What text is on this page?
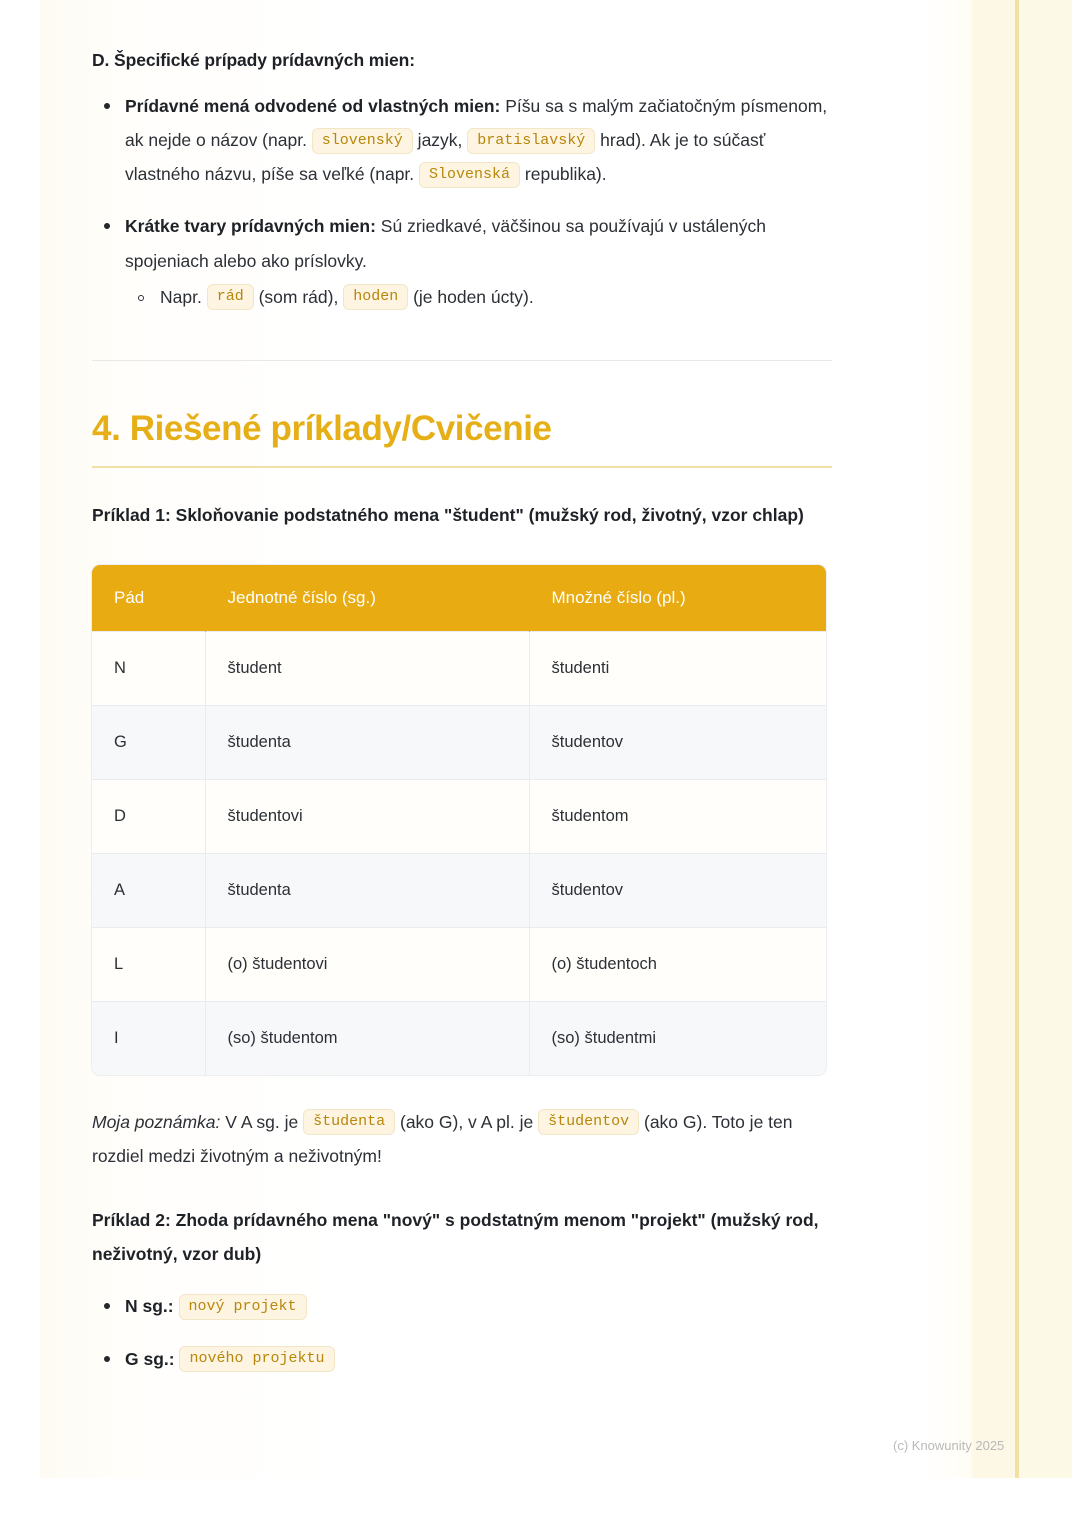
D. Špecifické prípady prídavných mien:
Prídavné mená odvodené od vlastných mien: Píšu sa s malým začiatočným písmenom, ak nejde o názov (napr. slovenský jazyk, bratislavský hrad). Ak je to súčasť vlastného názvu, píše sa veľké (napr. Slovenská republika).
Krátke tvary prídavných mien: Sú zriedkavé, väčšinou sa používajú v ustálených spojeniach alebo ako príslovky.
Napr. rád (som rád), hoden (je hoden úcty).
4. Riešené príklady/Cvičenie

Príklad 1: Skloňovanie podstatného mena "študent" (mužský rod, životný, vzor chlap)

Pád	Jednotné číslo (sg.)	Množné číslo (pl.)
N	študent	študenti
G	študenta	študentov
D	študentovi	študentom
A	študenta	študentov
L	(o) študentovi	(o) študentoch
I	(so) študentom	(so) študentmi

Moja poznámka: V A sg. je študenta (ako G), v A pl. je študentov (ako G). Toto je ten rozdiel medzi životným a neživotným!

Príklad 2: Zhoda prídavného mena "nový" s podstatným menom "projekt" (mužský rod, neživotný, vzor dub)

N sg.: nový projekt
G sg.: nového projektu
(c) Knowunity 2025
